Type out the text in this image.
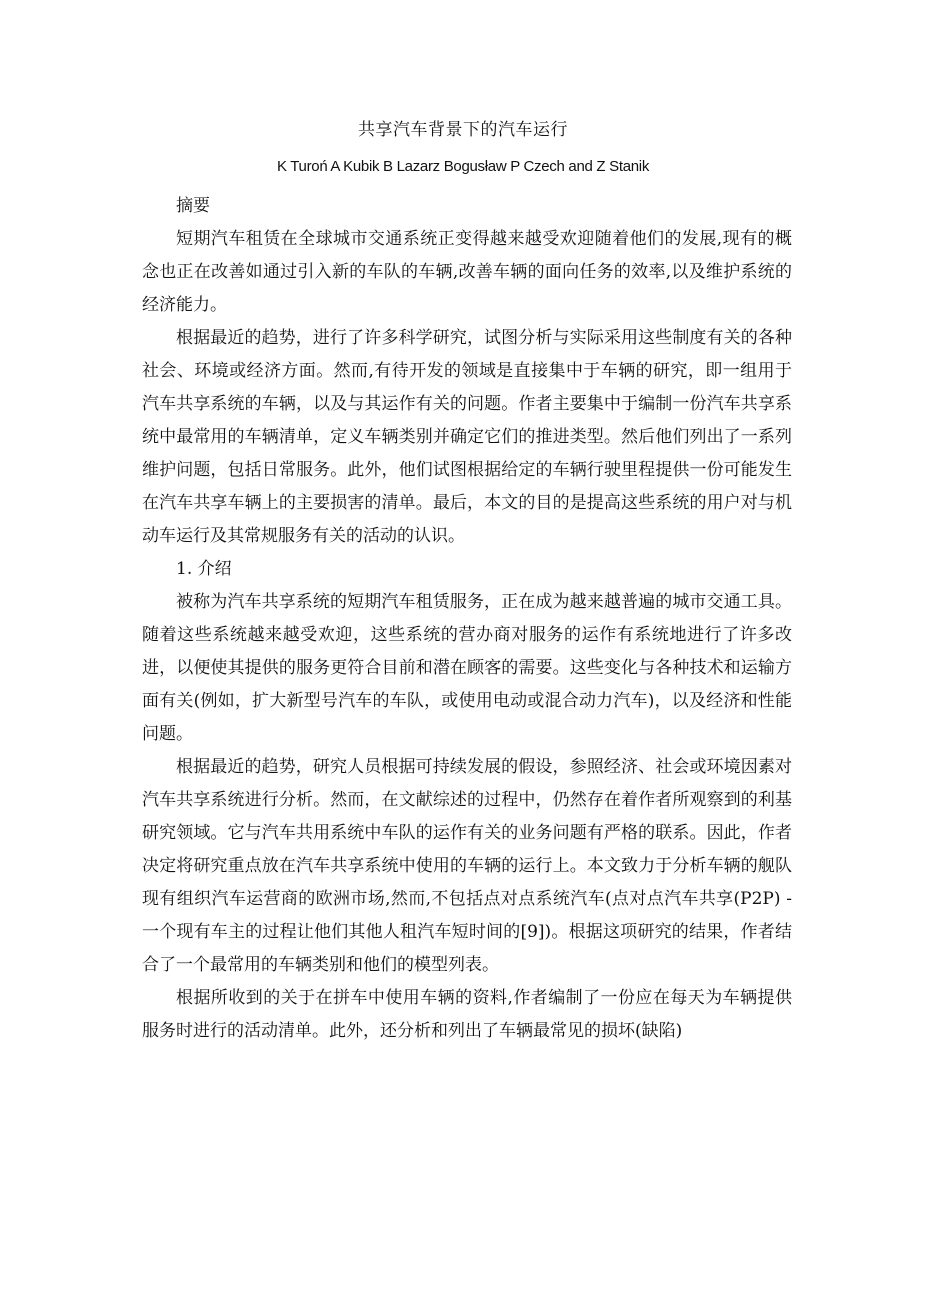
共享汽车背景下的汽车运行
K Turoń A Kubik B Lazarz Bogusław P Czech and Z Stanik

摘要

短期汽车租赁在全球城市交通系统正变得越来越受欢迎随着他们的发展,现有的概念也正在改善如通过引入新的车队的车辆,改善车辆的面向任务的效率,以及维护系统的经济能力。

根据最近的趋势，进行了许多科学研究，试图分析与实际采用这些制度有关的各种社会、环境或经济方面。然而,有待开发的领域是直接集中于车辆的研究，即一组用于汽车共享系统的车辆，以及与其运作有关的问题。作者主要集中于编制一份汽车共享系统中最常用的车辆清单，定义车辆类别并确定它们的推进类型。然后他们列出了一系列维护问题，包括日常服务。此外，他们试图根据给定的车辆行驶里程提供一份可能发生在汽车共享车辆上的主要损害的清单。最后，本文的目的是提高这些系统的用户对与机动车运行及其常规服务有关的活动的认识。

1. 介绍

被称为汽车共享系统的短期汽车租赁服务，正在成为越来越普遍的城市交通工具。随着这些系统越来越受欢迎，这些系统的营办商对服务的运作有系统地进行了许多改进，以便使其提供的服务更符合目前和潜在顾客的需要。这些变化与各种技术和运输方面有关(例如，扩大新型号汽车的车队，或使用电动或混合动力汽车)，以及经济和性能问题。

根据最近的趋势，研究人员根据可持续发展的假设，参照经济、社会或环境因素对汽车共享系统进行分析。然而，在文献综述的过程中，仍然存在着作者所观察到的利基研究领域。它与汽车共用系统中车队的运作有关的业务问题有严格的联系。因此，作者决定将研究重点放在汽车共享系统中使用的车辆的运行上。本文致力于分析车辆的舰队现有组织汽车运营商的欧洲市场,然而,不包括点对点系统汽车(点对点汽车共享(P2P) -一个现有车主的过程让他们其他人租汽车短时间的[9])。根据这项研究的结果，作者结合了一个最常用的车辆类别和他们的模型列表。

根据所收到的关于在拼车中使用车辆的资料,作者编制了一份应在每天为车辆提供服务时进行的活动清单。此外，还分析和列出了车辆最常见的损坏(缺陷)
